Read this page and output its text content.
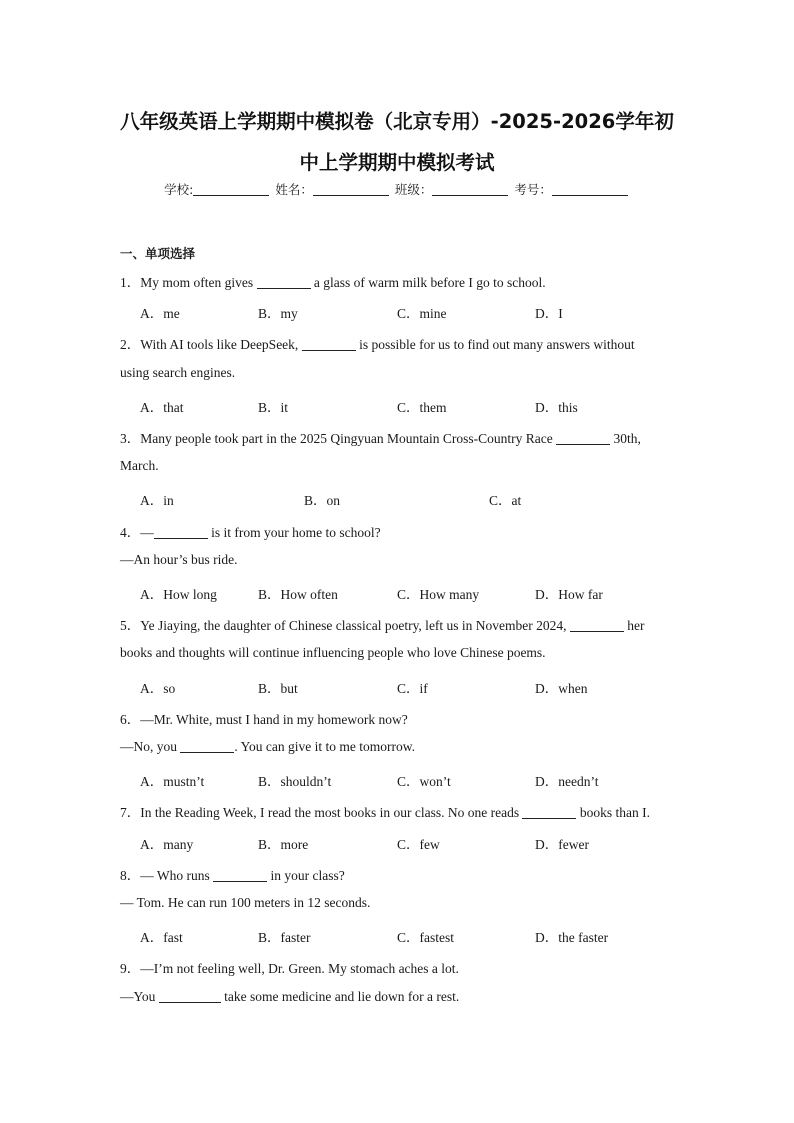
八年级英语上学期期中模拟卷（北京专用）-2025-2026学年初
中上学期期中模拟考试
学校:	姓名：	班级：	考号：
一、单项选择
1．My mom often gives	a glass of warm milk before I go to school.
A．me	B．my	C．mine	D．I
2．With AI tools like DeepSeek,	is possible for us to find out many answers without
using search engines.
A．that	B．it	C．them	D．this
3．Many people took part in the 2025 Qingyuan Mountain Cross-Country Race	30th,
March.
A．in	B．on	C．at
4．—	is it from your home to school?
—An hour’s bus ride.
A．How long	B．How often	C．How many	D．How far
5．Ye Jiaying, the daughter of Chinese classical poetry, left us in November 2024,	her
books and thoughts will continue influencing people who love Chinese poems.
A．so	B．but	C．if	D．when
6．—Mr. White, must I hand in my homework now?
—No, you	. You can give it to me tomorrow.
A．mustn’t	B．shouldn’t	C．won’t	D．needn’t
7．In the Reading Week, I read the most books in our class. No one reads	books than I.
A．many	B．more	C．few	D．fewer
8．— Who runs	in your class?
— Tom. He can run 100 meters in 12 seconds.
A．fast	B．faster	C．fastest	D．the faster
9．—I’m not feeling well, Dr. Green. My stomach aches a lot.
—You	take some medicine and lie down for a rest.
